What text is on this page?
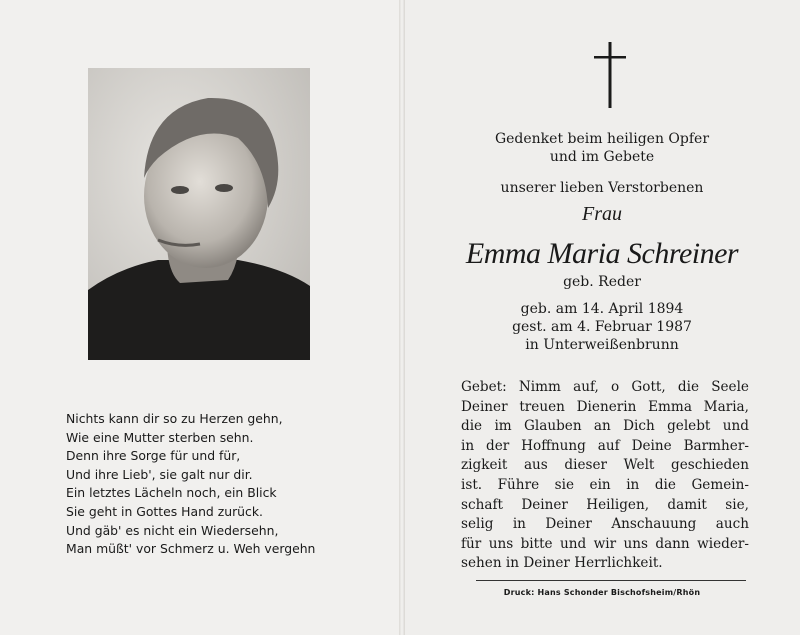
Nichts kann dir so zu Herzen gehn,
Wie eine Mutter sterben sehn.
Denn ihre Sorge für und für,
Und ihre Lieb', sie galt nur dir.
Ein letztes Lächeln noch, ein Blick
Sie geht in Gottes Hand zurück.
Und gäb' es nicht ein Wiedersehn,
Man müßt' vor Schmerz u. Weh vergehn
Gedenket beim heiligen Opfer
und im Gebete
unserer lieben Verstorbenen
Frau
Emma Maria Schreiner
geb. Reder
geb. am 14. April 1894
gest. am 4. Februar 1987
in Unterweißenbrunn
Gebet: Nimm auf, o Gott, die Seele
Deiner treuen Dienerin Emma Maria,
die im Glauben an Dich gelebt und
in der Hoffnung auf Deine Barmher-
zigkeit aus dieser Welt geschieden
ist. Führe sie ein in die Gemein-
schaft Deiner Heiligen, damit sie,
selig in Deiner Anschauung auch
für uns bitte und wir uns dann wieder-
sehen in Deiner Herrlichkeit.
Druck: Hans Schonder Bischofsheim/Rhön
